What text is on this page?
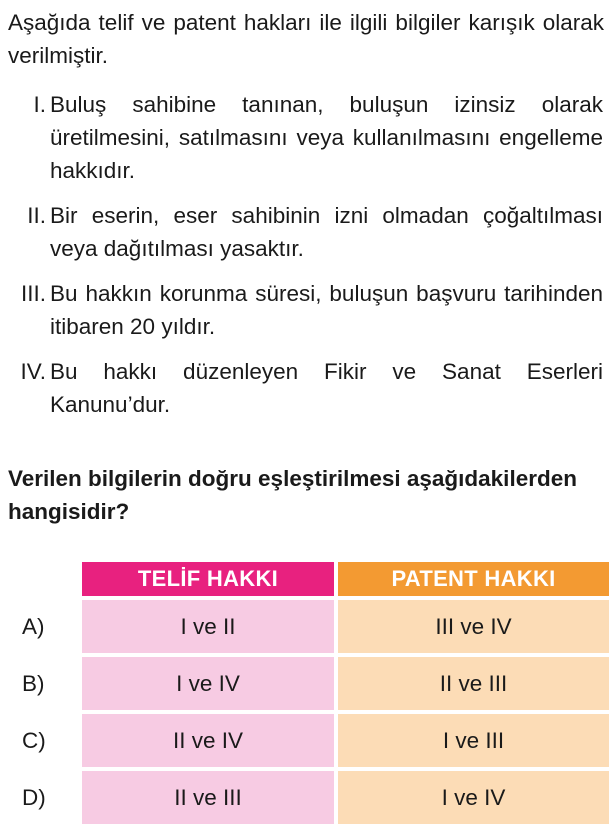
Aşağıda telif ve patent hakları ile ilgili bilgiler karışık olarak verilmiştir.
I. Buluş sahibine tanınan, buluşun izinsiz olarak üretilmesini, satılmasını veya kullanılmasını engelleme hakkıdır.
II. Bir eserin, eser sahibinin izni olmadan çoğaltılması veya dağıtılması yasaktır.
III. Bu hakkın korunma süresi, buluşun başvuru tarihinden itibaren 20 yıldır.
IV. Bu hakkı düzenleyen Fikir ve Sanat Eserleri Kanunu’dur.
Verilen bilgilerin doğru eşleştirilmesi aşağıdakilerden hangisidir?
TELİF HAKKI	PATENT HAKKI
A)	I ve II	III ve IV
B)	I ve IV	II ve III
C)	II ve IV	I ve III
D)	II ve III	I ve IV
